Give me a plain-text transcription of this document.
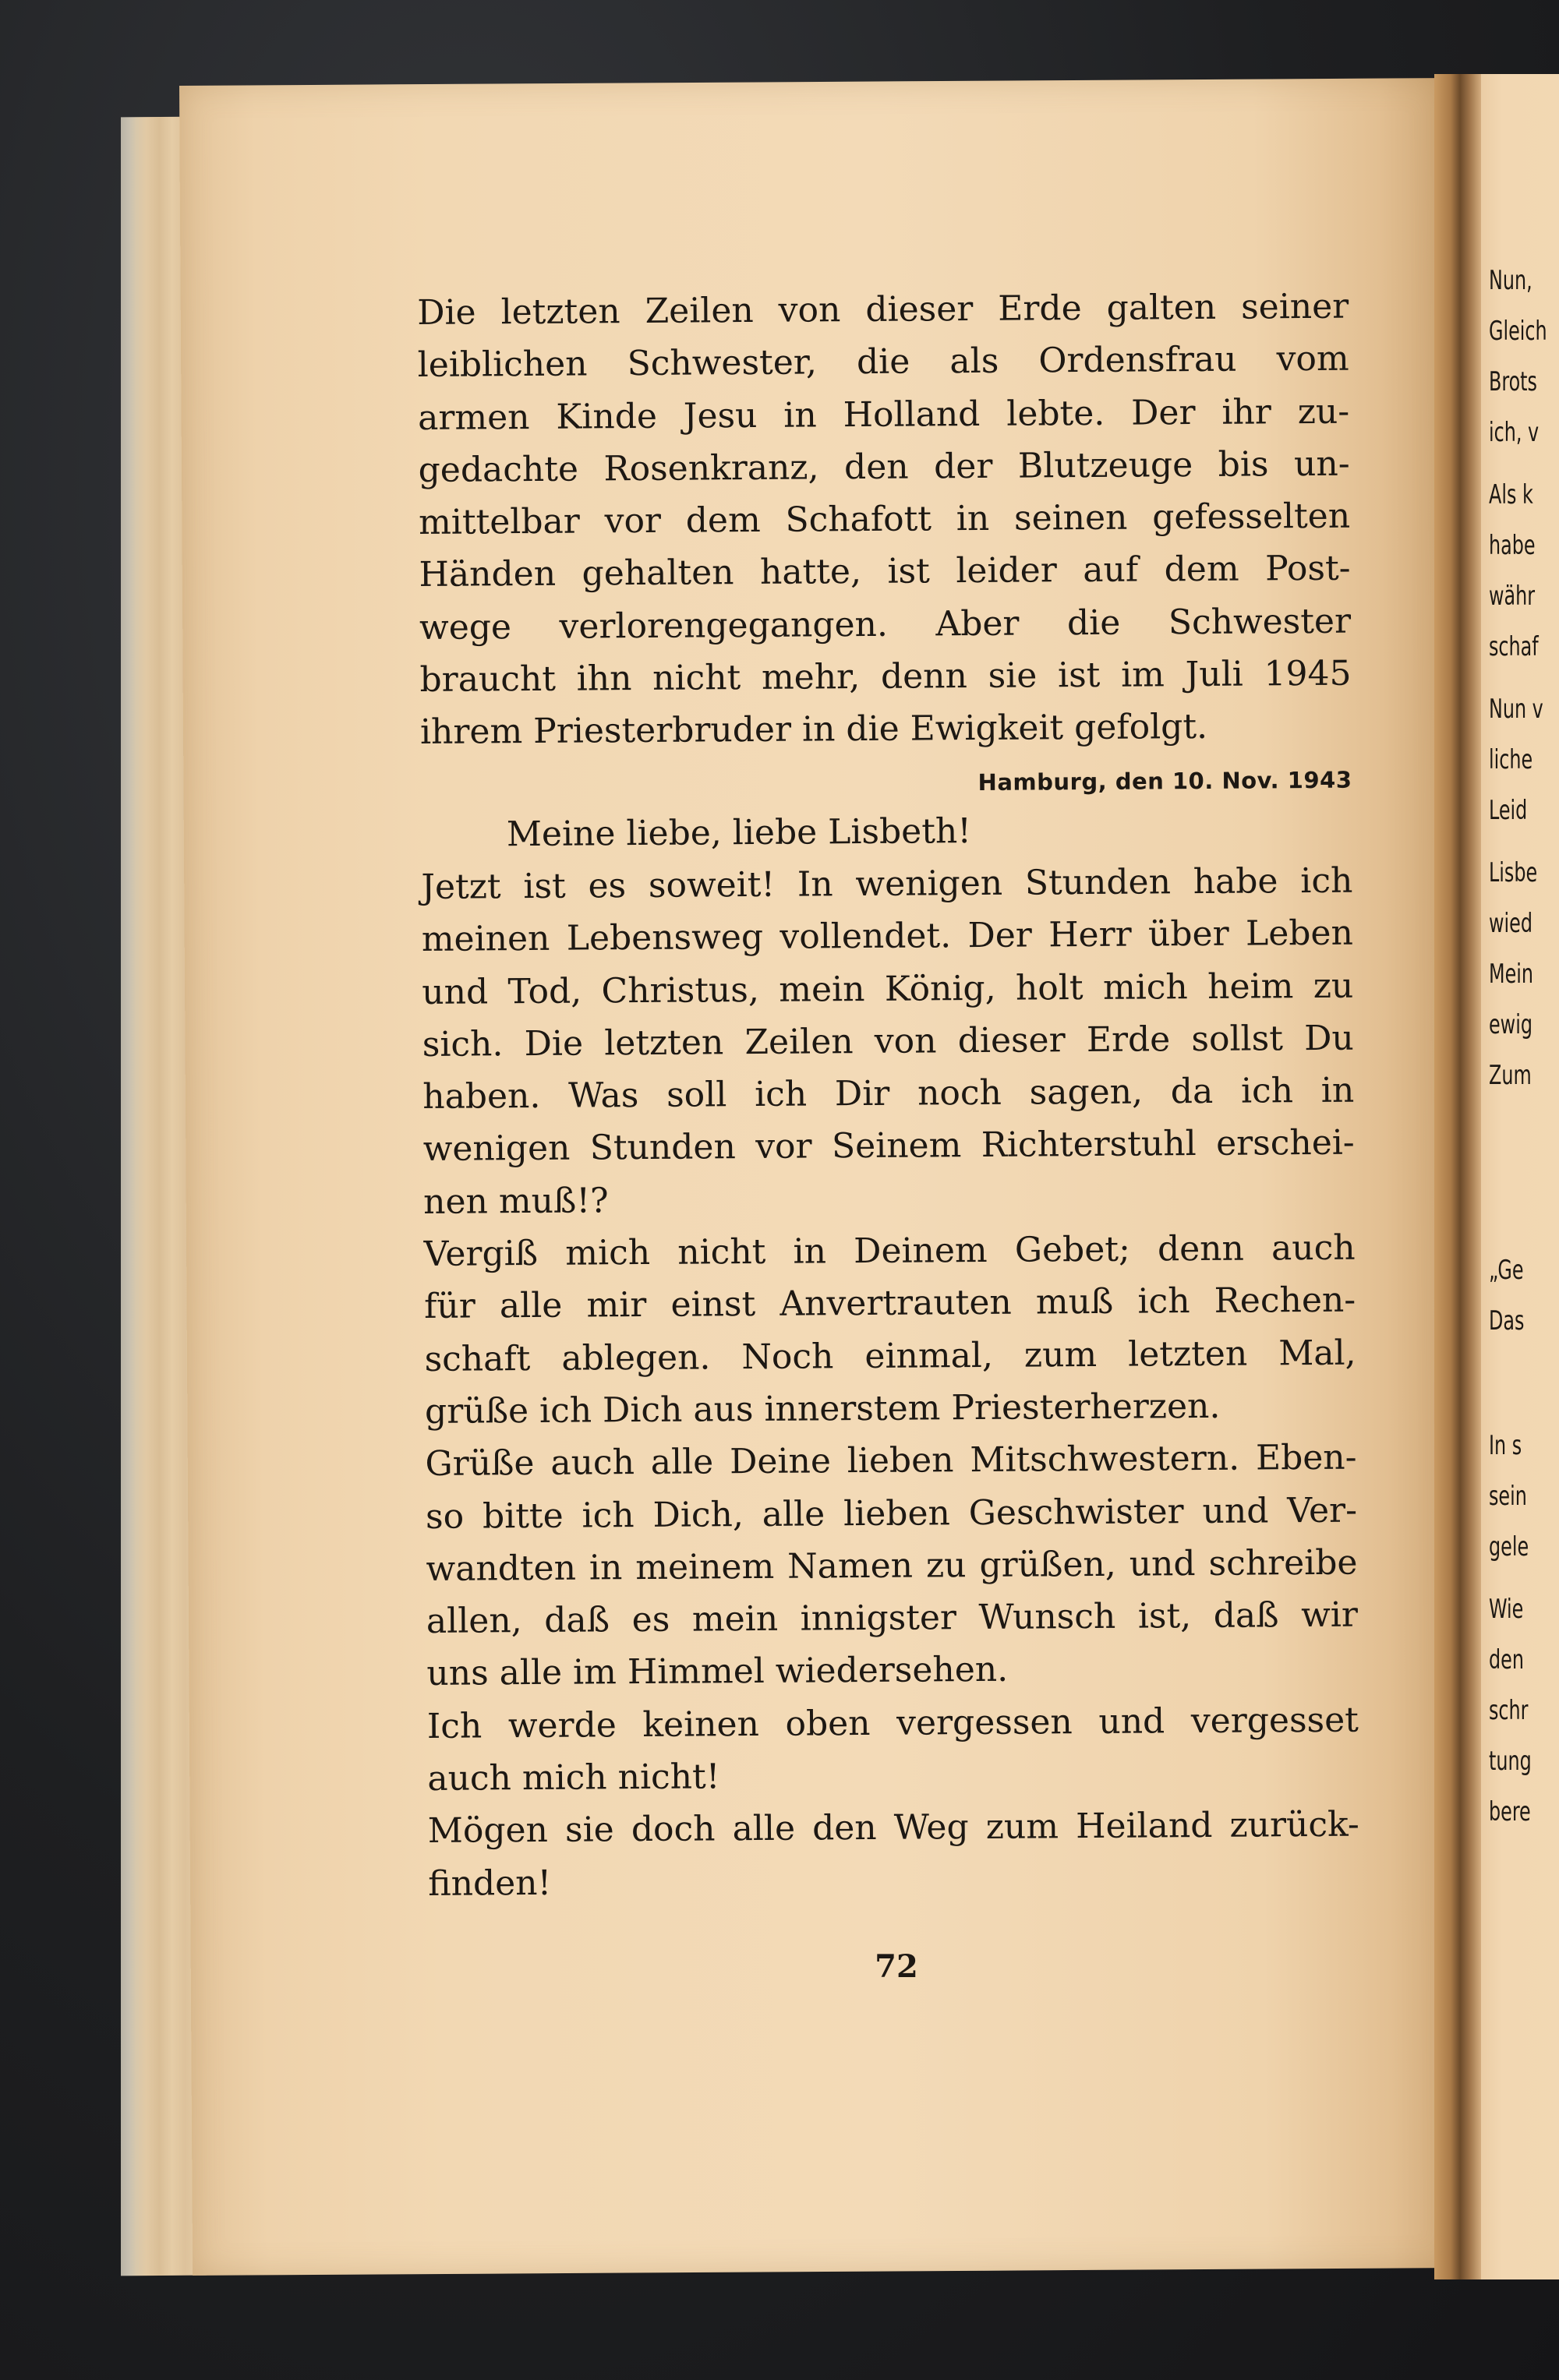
Die letzten Zeilen von dieser Erde galten seiner
leiblichen Schwester, die als Ordensfrau vom
armen Kinde Jesu in Holland lebte. Der ihr zu-
gedachte Rosenkranz, den der Blutzeuge bis un-
mittelbar vor dem Schafott in seinen gefesselten
Händen gehalten hatte, ist leider auf dem Post-
wege verlorengegangen. Aber die Schwester
braucht ihn nicht mehr, denn sie ist im Juli 1945
ihrem Priesterbruder in die Ewigkeit gefolgt.
Hamburg, den 10. Nov. 1943
Meine liebe, liebe Lisbeth!
Jetzt ist es soweit! In wenigen Stunden habe ich
meinen Lebensweg vollendet. Der Herr über Leben
und Tod, Christus, mein König, holt mich heim zu
sich. Die letzten Zeilen von dieser Erde sollst Du
haben. Was soll ich Dir noch sagen, da ich in
wenigen Stunden vor Seinem Richterstuhl erschei-
nen muß!?
Vergiß mich nicht in Deinem Gebet; denn auch
für alle mir einst Anvertrauten muß ich Rechen-
schaft ablegen. Noch einmal, zum letzten Mal,
grüße ich Dich aus innerstem Priesterherzen.
Grüße auch alle Deine lieben Mitschwestern. Eben-
so bitte ich Dich, alle lieben Geschwister und Ver-
wandten in meinem Namen zu grüßen, und schreibe
allen, daß es mein innigster Wunsch ist, daß wir
uns alle im Himmel wiedersehen.
Ich werde keinen oben vergessen und vergesset
auch mich nicht!
Mögen sie doch alle den Weg zum Heiland zurück-
finden!
72
Nun,
Gleich
Brots
ich, v
Als k
habe
währ
schaf
Nun v
liche
Leid
Lisbe
wied
Mein
ewig
Zum
„Ge
Das
In s
sein
gele
Wie
den
schr
tung
bere
